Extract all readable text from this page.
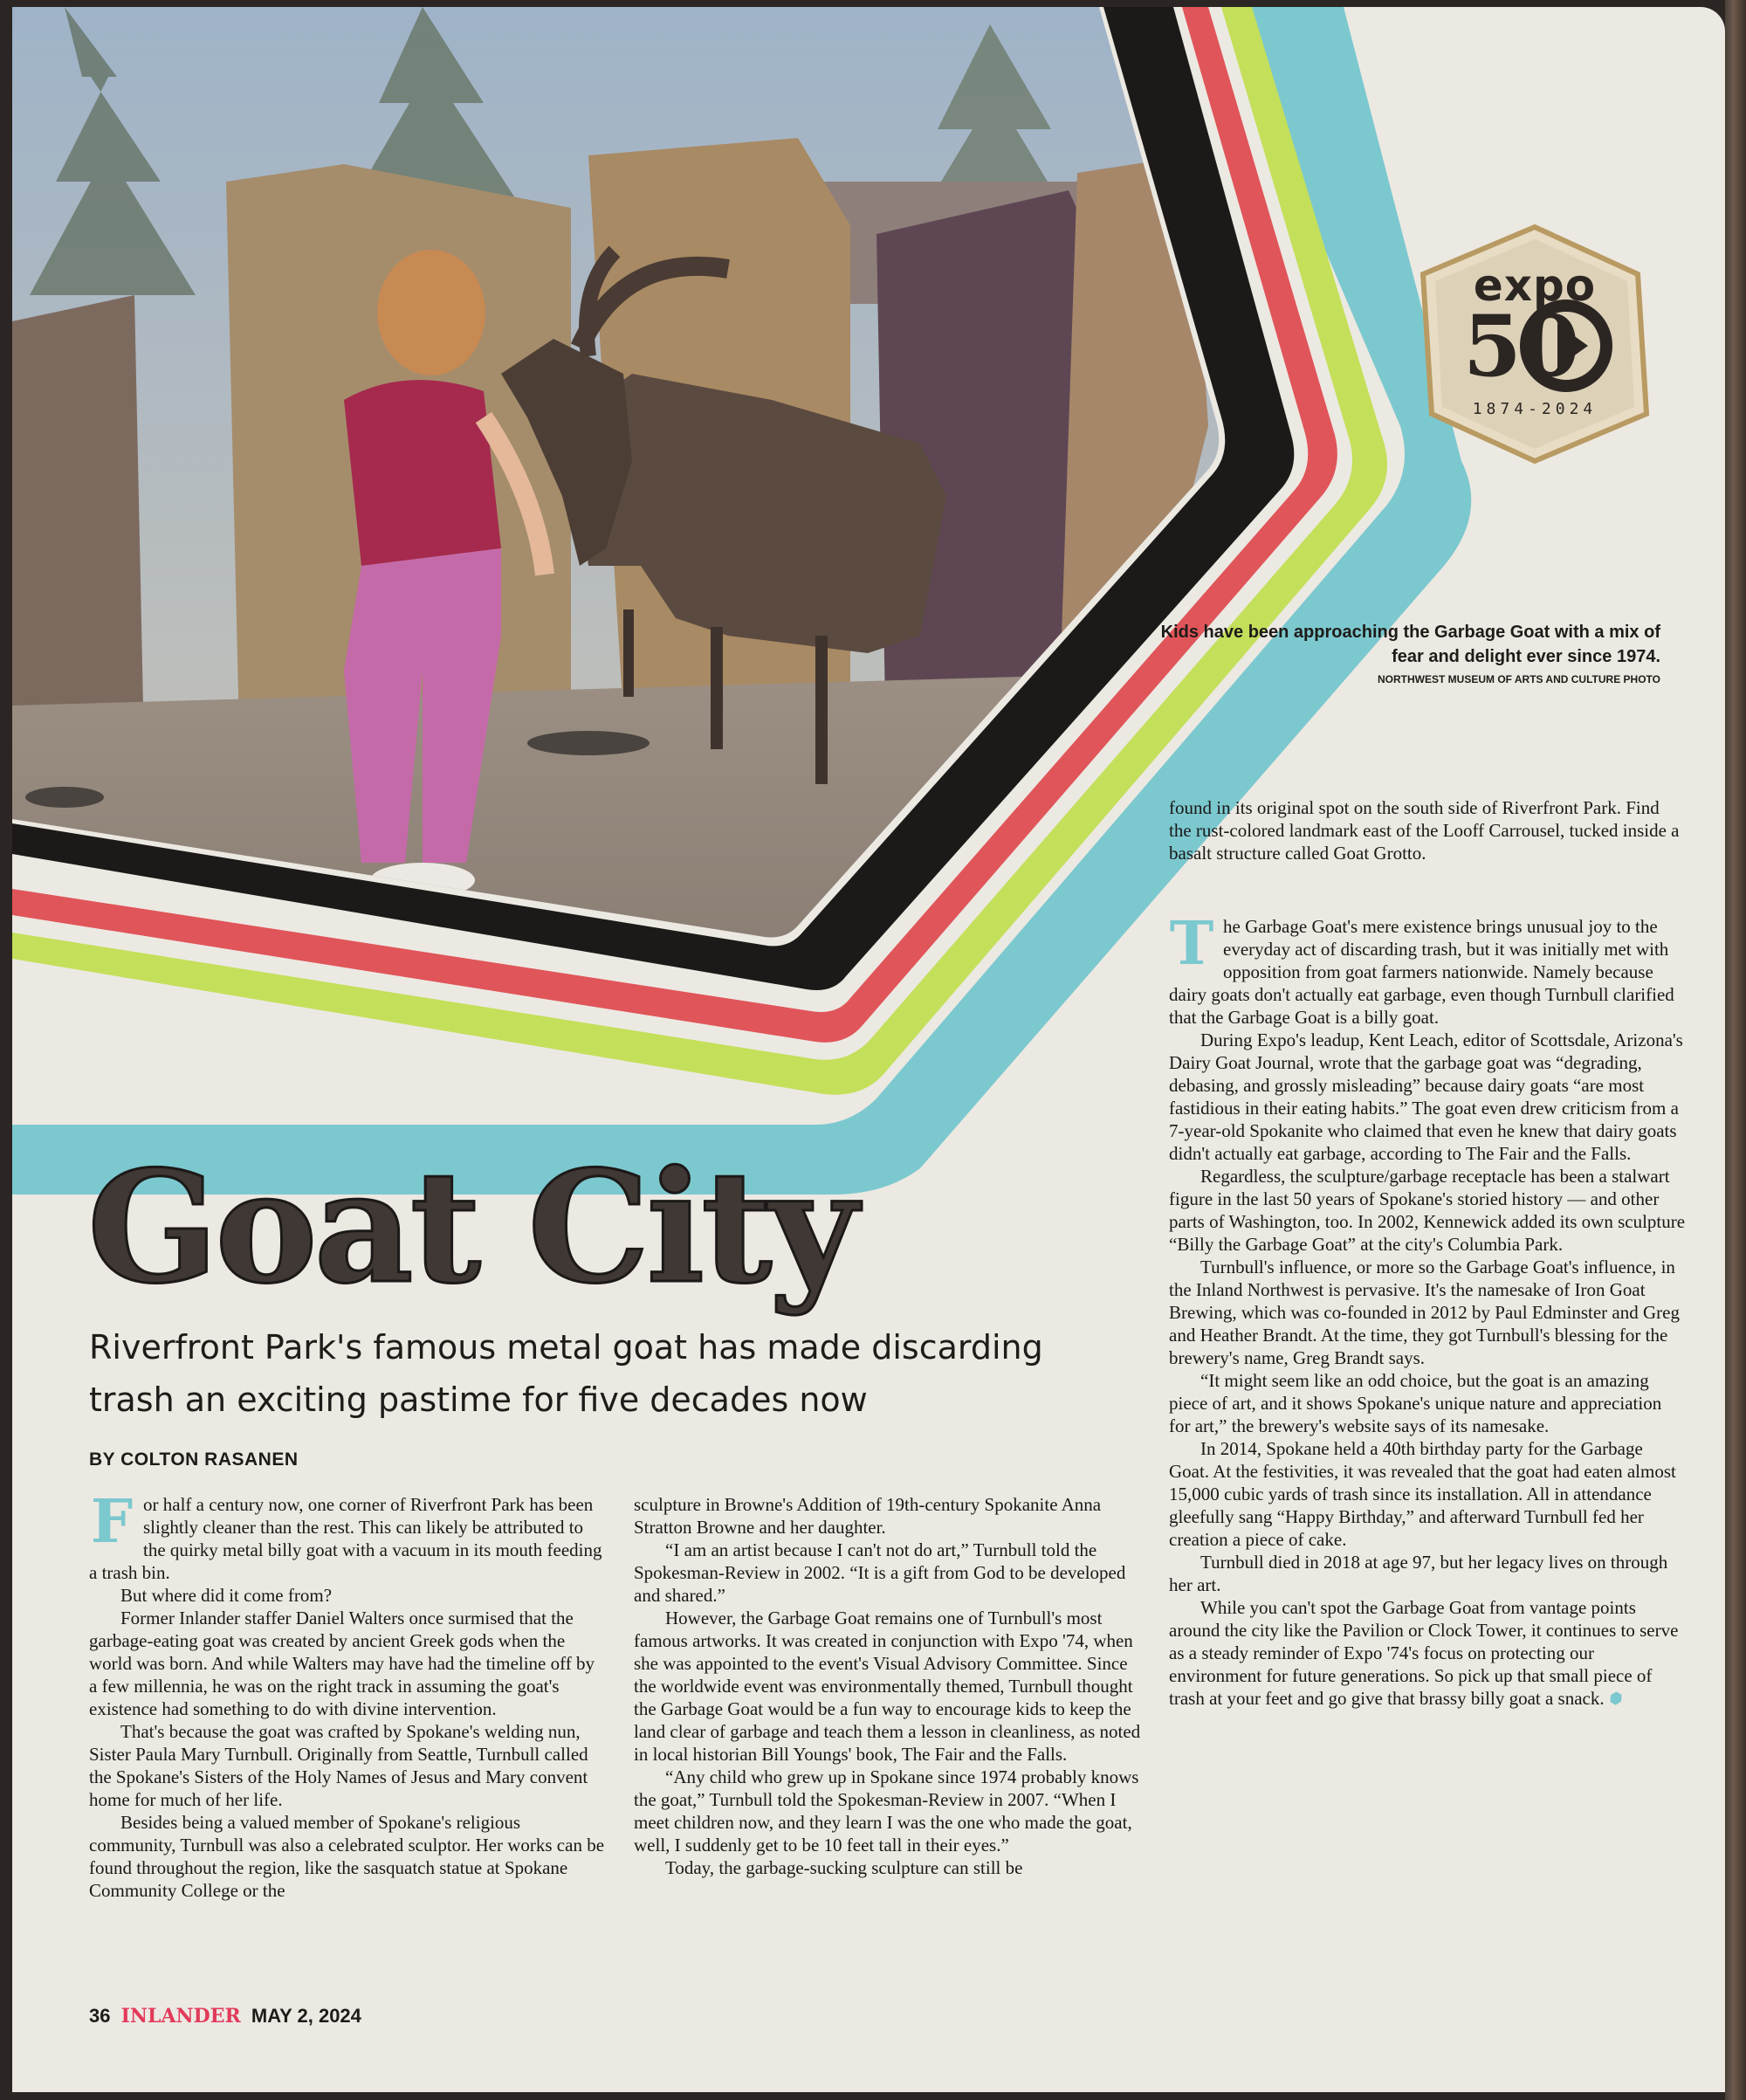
expo
50
1874-2024
Kids have been approaching the Garbage Goat with a mix of fear and delight ever since 1974.
NORTHWEST MUSEUM OF ARTS AND CULTURE PHOTO
Goat City
Riverfront Park's famous metal goat has made discarding trash an exciting pastime for five decades now
BY COLTON RASANEN

For half a century now, one corner of Riverfront Park has been slightly cleaner than the rest. This can likely be attributed to the quirky metal billy goat with a vacuum in its mouth feeding a trash bin.

But where did it come from?

Former Inlander staffer Daniel Walters once surmised that the garbage-eating goat was created by ancient Greek gods when the world was born. And while Walters may have had the timeline off by a few millennia, he was on the right track in assuming the goat's existence had something to do with divine intervention.

That's because the goat was crafted by Spokane's welding nun, Sister Paula Mary Turnbull. Originally from Seattle, Turnbull called the Spokane's Sisters of the Holy Names of Jesus and Mary convent home for much of her life.

Besides being a valued member of Spokane's religious community, Turnbull was also a celebrated sculptor. Her works can be found throughout the region, like the sasquatch statue at Spokane Community College or the

sculpture in Browne's Addition of 19th-century Spokanite Anna Stratton Browne and her daughter.

“I am an artist because I can't not do art,” Turnbull told the Spokesman-Review in 2002. “It is a gift from God to be developed and shared.”

However, the Garbage Goat remains one of Turnbull's most famous artworks. It was created in conjunction with Expo '74, when she was appointed to the event's Visual Advisory Committee. Since the worldwide event was environmentally themed, Turnbull thought the Garbage Goat would be a fun way to encourage kids to keep the land clear of garbage and teach them a lesson in cleanliness, as noted in local historian Bill Youngs' book, The Fair and the Falls.

“Any child who grew up in Spokane since 1974 probably knows the goat,” Turnbull told the Spokesman-Review in 2007. “When I meet children now, and they learn I was the one who made the goat, well, I suddenly get to be 10 feet tall in their eyes.”

Today, the garbage-sucking sculpture can still be

found in its original spot on the south side of Riverfront Park. Find the rust-colored landmark east of the Looff Carrousel, tucked inside a basalt structure called Goat Grotto.

The Garbage Goat's mere existence brings unusual joy to the everyday act of discarding trash, but it was initially met with opposition from goat farmers nationwide. Namely because dairy goats don't actually eat garbage, even though Turnbull clarified that the Garbage Goat is a billy goat.

During Expo's leadup, Kent Leach, editor of Scottsdale, Arizona's Dairy Goat Journal, wrote that the garbage goat was “degrading, debasing, and grossly misleading” because dairy goats “are most fastidious in their eating habits.” The goat even drew criticism from a 7-year-old Spokanite who claimed that even he knew that dairy goats didn't actually eat garbage, according to The Fair and the Falls.

Regardless, the sculpture/garbage receptacle has been a stalwart figure in the last 50 years of Spokane's storied history — and other parts of Washington, too. In 2002, Kennewick added its own sculpture “Billy the Garbage Goat” at the city's Columbia Park.

Turnbull's influence, or more so the Garbage Goat's influence, in the Inland Northwest is pervasive. It's the namesake of Iron Goat Brewing, which was co-founded in 2012 by Paul Edminster and Greg and Heather Brandt. At the time, they got Turnbull's blessing for the brewery's name, Greg Brandt says.

“It might seem like an odd choice, but the goat is an amazing piece of art, and it shows Spokane's unique nature and appreciation for art,” the brewery's website says of its namesake.

In 2014, Spokane held a 40th birthday party for the Garbage Goat. At the festivities, it was revealed that the goat had eaten almost 15,000 cubic yards of trash since its installation. All in attendance gleefully sang “Happy Birthday,” and afterward Turnbull fed her creation a piece of cake.

Turnbull died in 2018 at age 97, but her legacy lives on through her art.

While you can't spot the Garbage Goat from vantage points around the city like the Pavilion or Clock Tower, it continues to serve as a steady reminder of Expo '74's focus on protecting our environment for future generations. So pick up that small piece of trash at your feet and go give that brassy billy goat a snack.

36 INLANDER MAY 2, 2024
